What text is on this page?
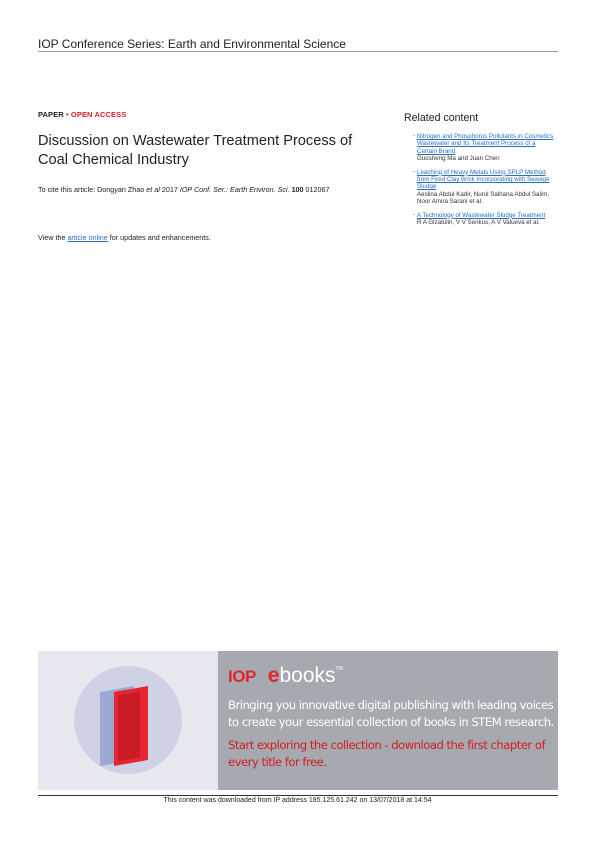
IOP Conference Series: Earth and Environmental Science
PAPER • OPEN ACCESS
Discussion on Wastewater Treatment Process of
Coal Chemical Industry
To cite this article: Dongyan Zhao et al 2017 IOP Conf. Ser.: Earth Environ. Sci. 100 012067
View the article online for updates and enhancements.
Related content
- Nitrogen and Phosphorus Pollutants in Cosmetics Wastewater and Its Treatment Process of a Certain Brand
Guosheng Ma and Juan Chen
- Leaching of Heavy Metals Using SPLP Method from Fired Clay Brick Incorporating with Sewage Sludge
Aeslina Abdul Kadir, Nurul Salhana Abdul Salim, Noor Amira Sarani et al.
- A Technology of Wastewater Sludge Treatment
R A Gizatulin, V V Senkus, A V Valueva et al.
IOP e books TM
Bringing you innovative digital publishing with leading voices
to create your essential collection of books in STEM research.
Start exploring the collection - download the first chapter of
every title for free.
This content was downloaded from IP address 185.125.61.242 on 13/07/2018 at 14:54
